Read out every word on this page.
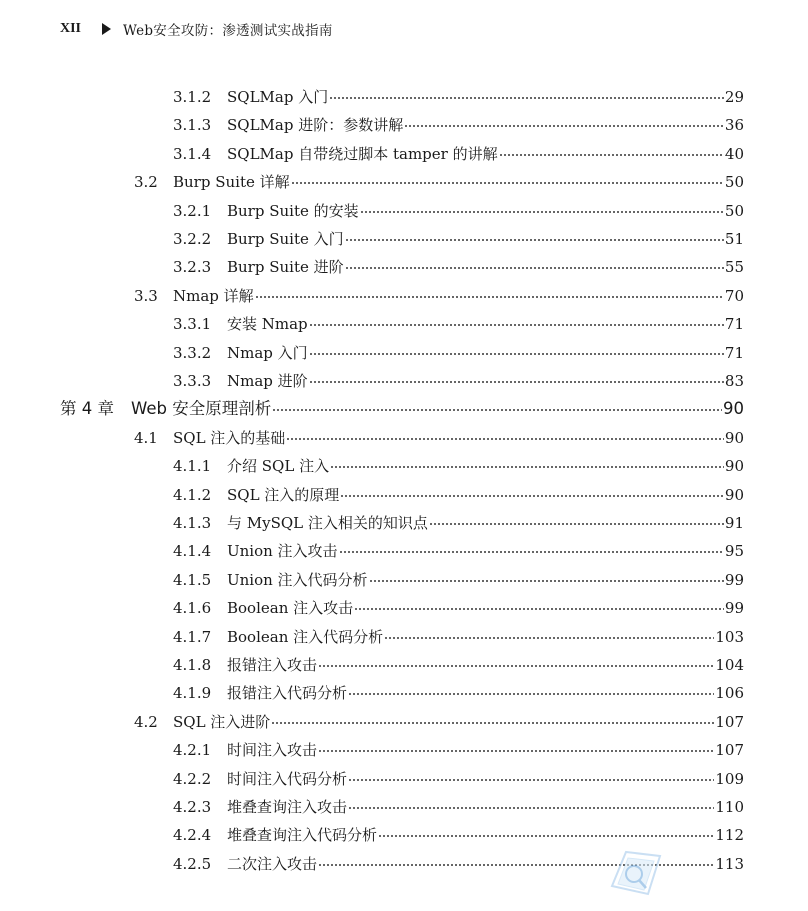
XII	Web安全攻防：渗透测试实战指南
3.1.2	SQLMap 入门	29
3.1.3	SQLMap 进阶：参数讲解	36
3.1.4	SQLMap 自带绕过脚本 tamper 的讲解	40
3.2	Burp Suite 详解	50
3.2.1	Burp Suite 的安装	50
3.2.2	Burp Suite 入门	51
3.2.3	Burp Suite 进阶	55
3.3	Nmap 详解	70
3.3.1	安装 Nmap	71
3.3.2	Nmap 入门	71
3.3.3	Nmap 进阶	83
第 4 章	Web 安全原理剖析	90
4.1	SQL 注入的基础	90
4.1.1	介绍 SQL 注入	90
4.1.2	SQL 注入的原理	90
4.1.3	与 MySQL 注入相关的知识点	91
4.1.4	Union 注入攻击	95
4.1.5	Union 注入代码分析	99
4.1.6	Boolean 注入攻击	99
4.1.7	Boolean 注入代码分析	103
4.1.8	报错注入攻击	104
4.1.9	报错注入代码分析	106
4.2	SQL 注入进阶	107
4.2.1	时间注入攻击	107
4.2.2	时间注入代码分析	109
4.2.3	堆叠查询注入攻击	110
4.2.4	堆叠查询注入代码分析	112
4.2.5	二次注入攻击	113
